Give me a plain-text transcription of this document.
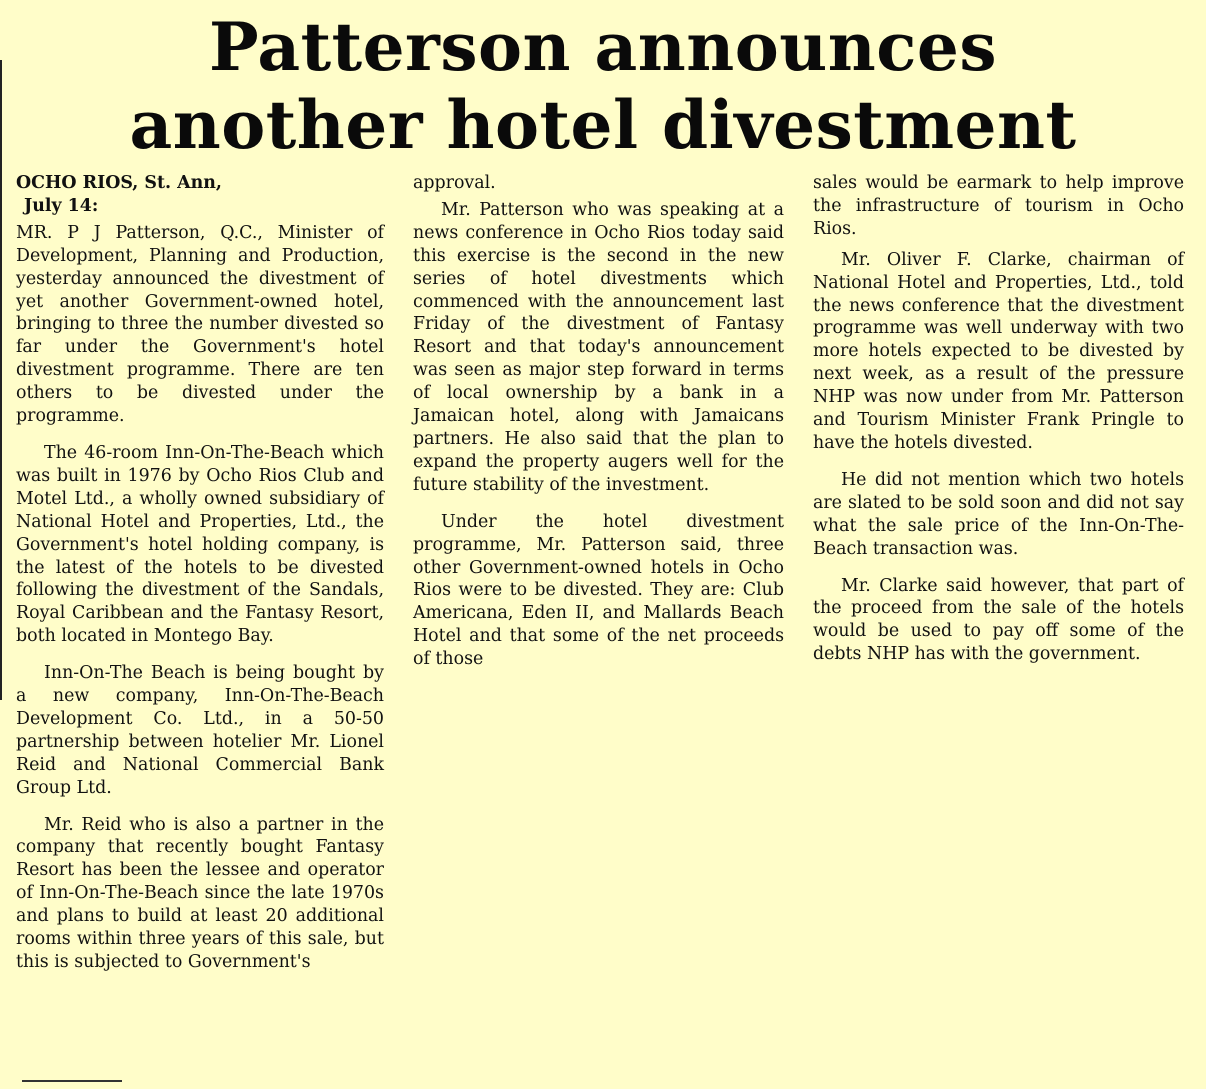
Patterson announces
another hotel divestment
OCHO RIOS, St. Ann,
July 14:

MR. P J Patterson, Q.C., Minister of Development, Planning and Production, yesterday announced the divestment of yet another Government-owned hotel, bringing to three the number divested so far under the Government's hotel divestment programme. There are ten others to be divested under the programme.

The 46-room Inn-On-The-Beach which was built in 1976 by Ocho Rios Club and Motel Ltd., a wholly owned subsidiary of National Hotel and Properties, Ltd., the Government's hotel holding company, is the latest of the hotels to be divested following the divestment of the Sandals, Royal Caribbean and the Fantasy Resort, both located in Montego Bay.

Inn-On-The Beach is being bought by a new company, Inn-On-The-Beach Development Co. Ltd., in a 50-50 partnership between hotelier Mr. Lionel Reid and National Commercial Bank Group Ltd.

Mr. Reid who is also a partner in the company that recently bought Fantasy Resort has been the lessee and operator of Inn-On-The-Beach since the late 1970s and plans to build at least 20 additional rooms within three years of this sale, but this is subjected to Government's

approval.

Mr. Patterson who was speaking at a news conference in Ocho Rios today said this exercise is the second in the new series of hotel divestments which commenced with the announcement last Friday of the divestment of Fantasy Resort and that today's announcement was seen as major step forward in terms of local ownership by a bank in a Jamaican hotel, along with Jamaicans partners. He also said that the plan to expand the property augers well for the future stability of the investment.

Under the hotel divestment programme, Mr. Patterson said, three other Government-owned hotels in Ocho Rios were to be divested. They are: Club Americana, Eden II, and Mallards Beach Hotel and that some of the net proceeds of those

sales would be earmark to help improve the infrastructure of tourism in Ocho Rios.

Mr. Oliver F. Clarke, chairman of National Hotel and Properties, Ltd., told the news conference that the divestment programme was well underway with two more hotels expected to be divested by next week, as a result of the pressure NHP was now under from Mr. Patterson and Tourism Minister Frank Pringle to have the hotels divested.

He did not mention which two hotels are slated to be sold soon and did not say what the sale price of the Inn-On-The-Beach transaction was.

Mr. Clarke said however, that part of the proceed from the sale of the hotels would be used to pay off some of the debts NHP has with the government.
